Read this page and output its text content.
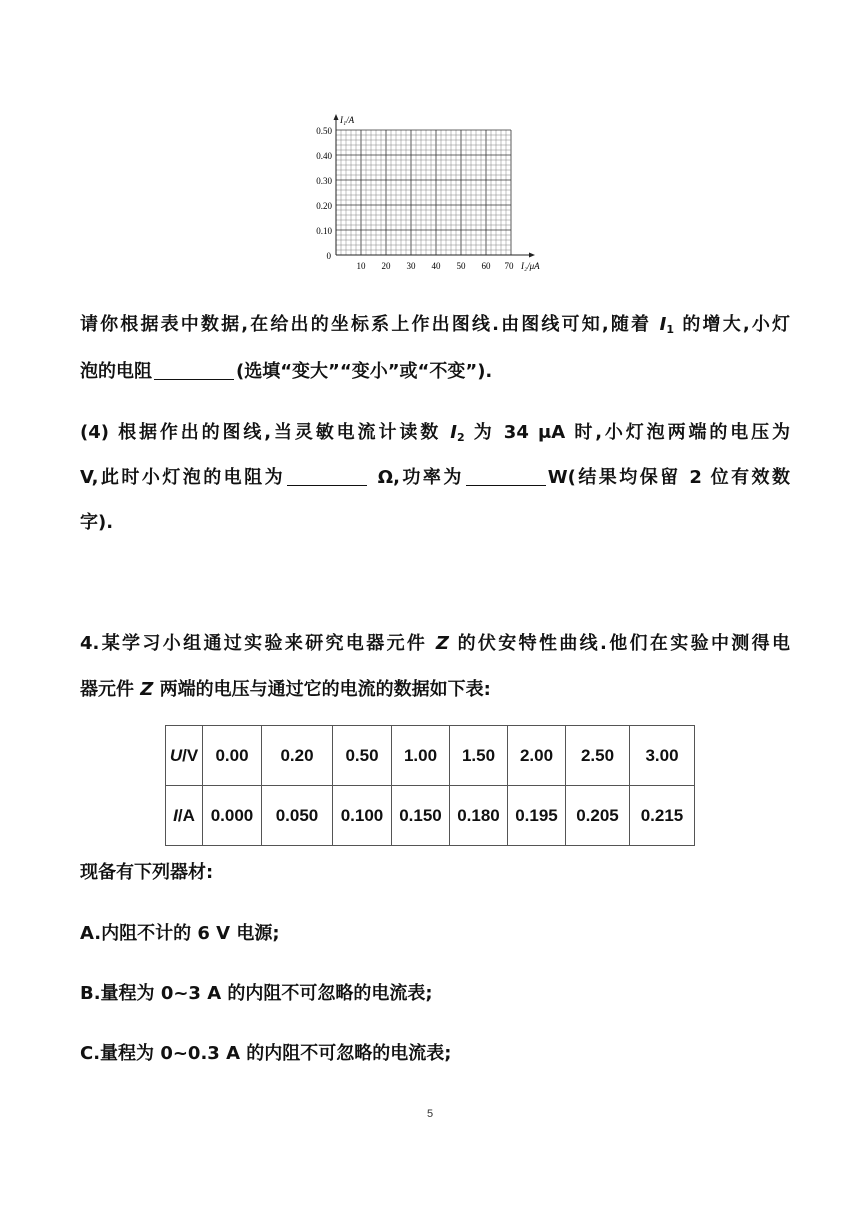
I₁/A
0.50
0.40
0.30
0.20
0.10
0
10 20 30 40 50 60 70 I₂/μA
请你根据表中数据,在给出的坐标系上作出图线.由图线可知,随着 $I_1$ 的增大,小灯
泡的电阻	(选填“变大”“变小”或“不变”).
(4) 根据作出的图线,当灵敏电流计读数 $I_2$ 为 34 μA 时,小灯泡两端的电压为
V,此时小灯泡的电阻为	Ω,功率为	W(结果均保留 2 位有效数
字).
4.某学习小组通过实验来研究电器元件 Z 的伏安特性曲线.他们在实验中测得电
器元件 Z 两端的电压与通过它的电流的数据如下表:
U/V	0.00	0.20	0.50	1.00	1.50	2.00	2.50	3.00
I/A	0.000	0.050	0.100	0.150	0.180	0.195	0.205	0.215
现备有下列器材:
A.内阻不计的 6 V 电源;
B.量程为 0~3 A 的内阻不可忽略的电流表;
C.量程为 0~0.3 A 的内阻不可忽略的电流表;
5
